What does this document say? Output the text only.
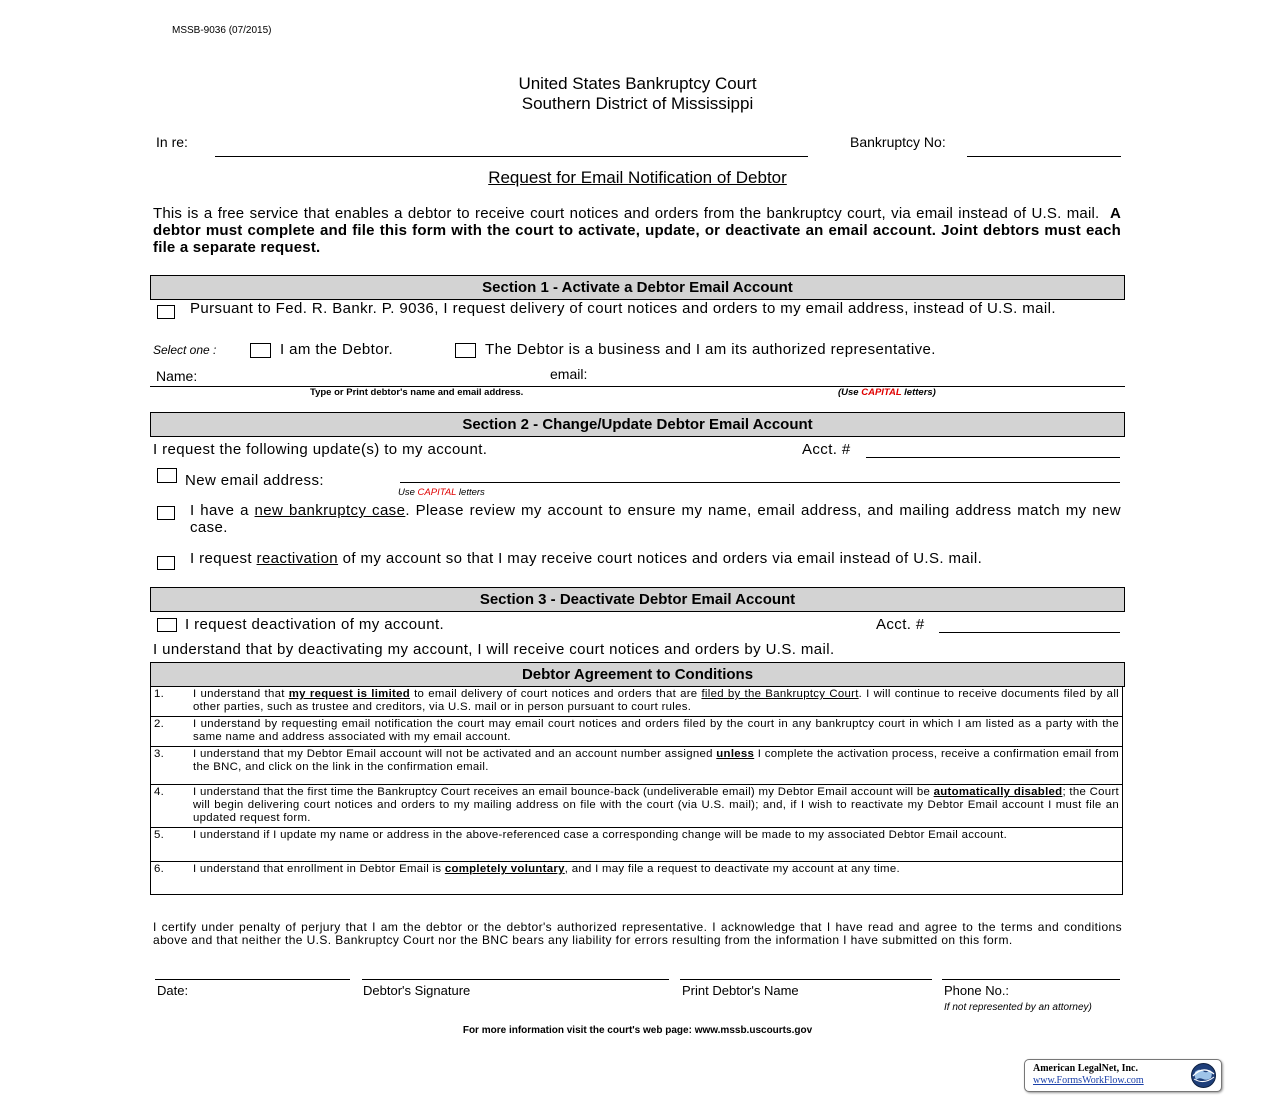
MSSB-9036 (07/2015)
United States Bankruptcy Court
Southern District of Mississippi
In re:	Bankruptcy No:
Request for Email Notification of Debtor
This is a free service that enables a debtor to receive court notices and orders from the bankruptcy court, via email instead of U.S. mail. A debtor must complete and file this form with the court to activate, update, or deactivate an email account. Joint debtors must each file a separate request.
Section 1 - Activate a Debtor Email Account
Pursuant to Fed. R. Bankr. P. 9036, I request delivery of court notices and orders to my email address, instead of U.S. mail.
Select one :	I am the Debtor.	The Debtor is a business and I am its authorized representative.
Name:	email:
Type or Print debtor's name and email address.	(Use CAPITAL letters)
Section 2 - Change/Update Debtor Email Account
I request the following update(s) to my account.	Acct. #
New email address:
Use CAPITAL letters
I have a new bankruptcy case. Please review my account to ensure my name, email address, and mailing address match my new case.
I request reactivation of my account so that I may receive court notices and orders via email instead of U.S. mail.
Section 3 - Deactivate Debtor Email Account
I request deactivation of my account.	Acct. #
I understand that by deactivating my account, I will receive court notices and orders by U.S. mail.
Debtor Agreement to Conditions
1.	I understand that my request is limited to email delivery of court notices and orders that are filed by the Bankruptcy Court. I will continue to receive documents filed by all other parties, such as trustee and creditors, via U.S. mail or in person pursuant to court rules.
2.	I understand by requesting email notification the court may email court notices and orders filed by the court in any bankruptcy court in which I am listed as a party with the same name and address associated with my email account.
3.	I understand that my Debtor Email account will not be activated and an account number assigned unless I complete the activation process, receive a confirmation email from the BNC, and click on the link in the confirmation email.
4.	I understand that the first time the Bankruptcy Court receives an email bounce-back (undeliverable email) my Debtor Email account will be automatically disabled; the Court will begin delivering court notices and orders to my mailing address on file with the court (via U.S. mail); and, if I wish to reactivate my Debtor Email account I must file an updated request form.
5.	I understand if I update my name or address in the above-referenced case a corresponding change will be made to my associated Debtor Email account.
6.	I understand that enrollment in Debtor Email is completely voluntary, and I may file a request to deactivate my account at any time.
I certify under penalty of perjury that I am the debtor or the debtor's authorized representative. I acknowledge that I have read and agree to the terms and conditions above and that neither the U.S. Bankruptcy Court nor the BNC bears any liability for errors resulting from the information I have submitted on this form.
Date:	Debtor's Signature	Print Debtor's Name	Phone No.:
If not represented by an attorney)
For more information visit the court's web page: www.mssb.uscourts.gov
American LegalNet, Inc.
www.FormsWorkFlow.com
